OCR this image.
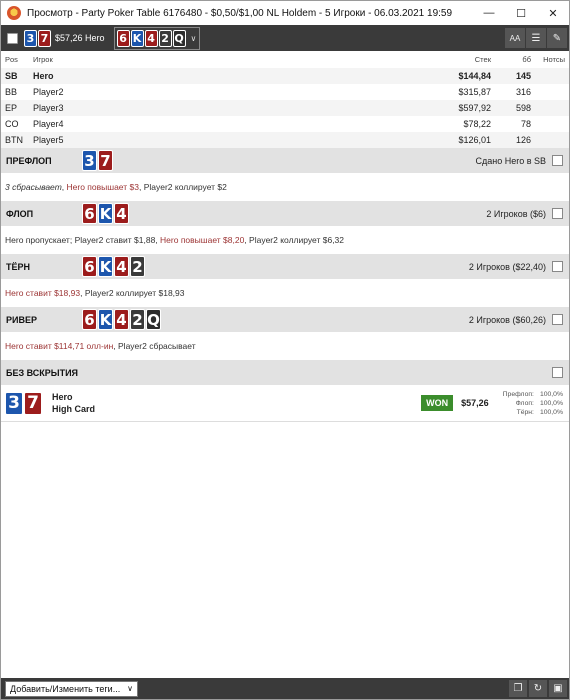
Просмотр - Party Poker Table 6176480 - $0,50/$1,00 NL Holdem - 5 Игроки - 06.03.2021 19:59	—	☐	✕
3 7 $57,26 Hero 6 K 4 2 Q ∨	AA ☰ ✎
Pos	Игрок	Стек	бб	Нотсы
SB	Hero	$144,84	145	
BB	Player2	$315,87	316	
EP	Player3	$597,92	598	
CO	Player4	$78,22	78	
BTN	Player5	$126,01	126	
ПРЕФЛОП	3 7	Сдано Hero в SB
3 сбрасывает , Hero повышает $3 , Player2 коллирует $2
ФЛОП	6 K 4	2 Игроков ($6)
Hero пропускает ; Player2 ставит $1,88 , Hero повышает $8,20 , Player2 коллирует $6,32
ТЁРН	6 K 4 2	2 Игроков ($22,40)
Hero ставит $18,93 , Player2 коллирует $18,93
РИВЕР	6 K 4 2 Q	2 Игроков ($60,26)
Hero ставит $114,71 олл-ин , Player2 сбрасывает
БЕЗ ВСКРЫТИЯ
3 7	Hero
High Card
WON	$57,26
Префлоп: 100,0%
Флоп: 100,0%
Тёрн: 100,0%
Добавить/Изменить теги... ∨	❐ ↻ ▣
